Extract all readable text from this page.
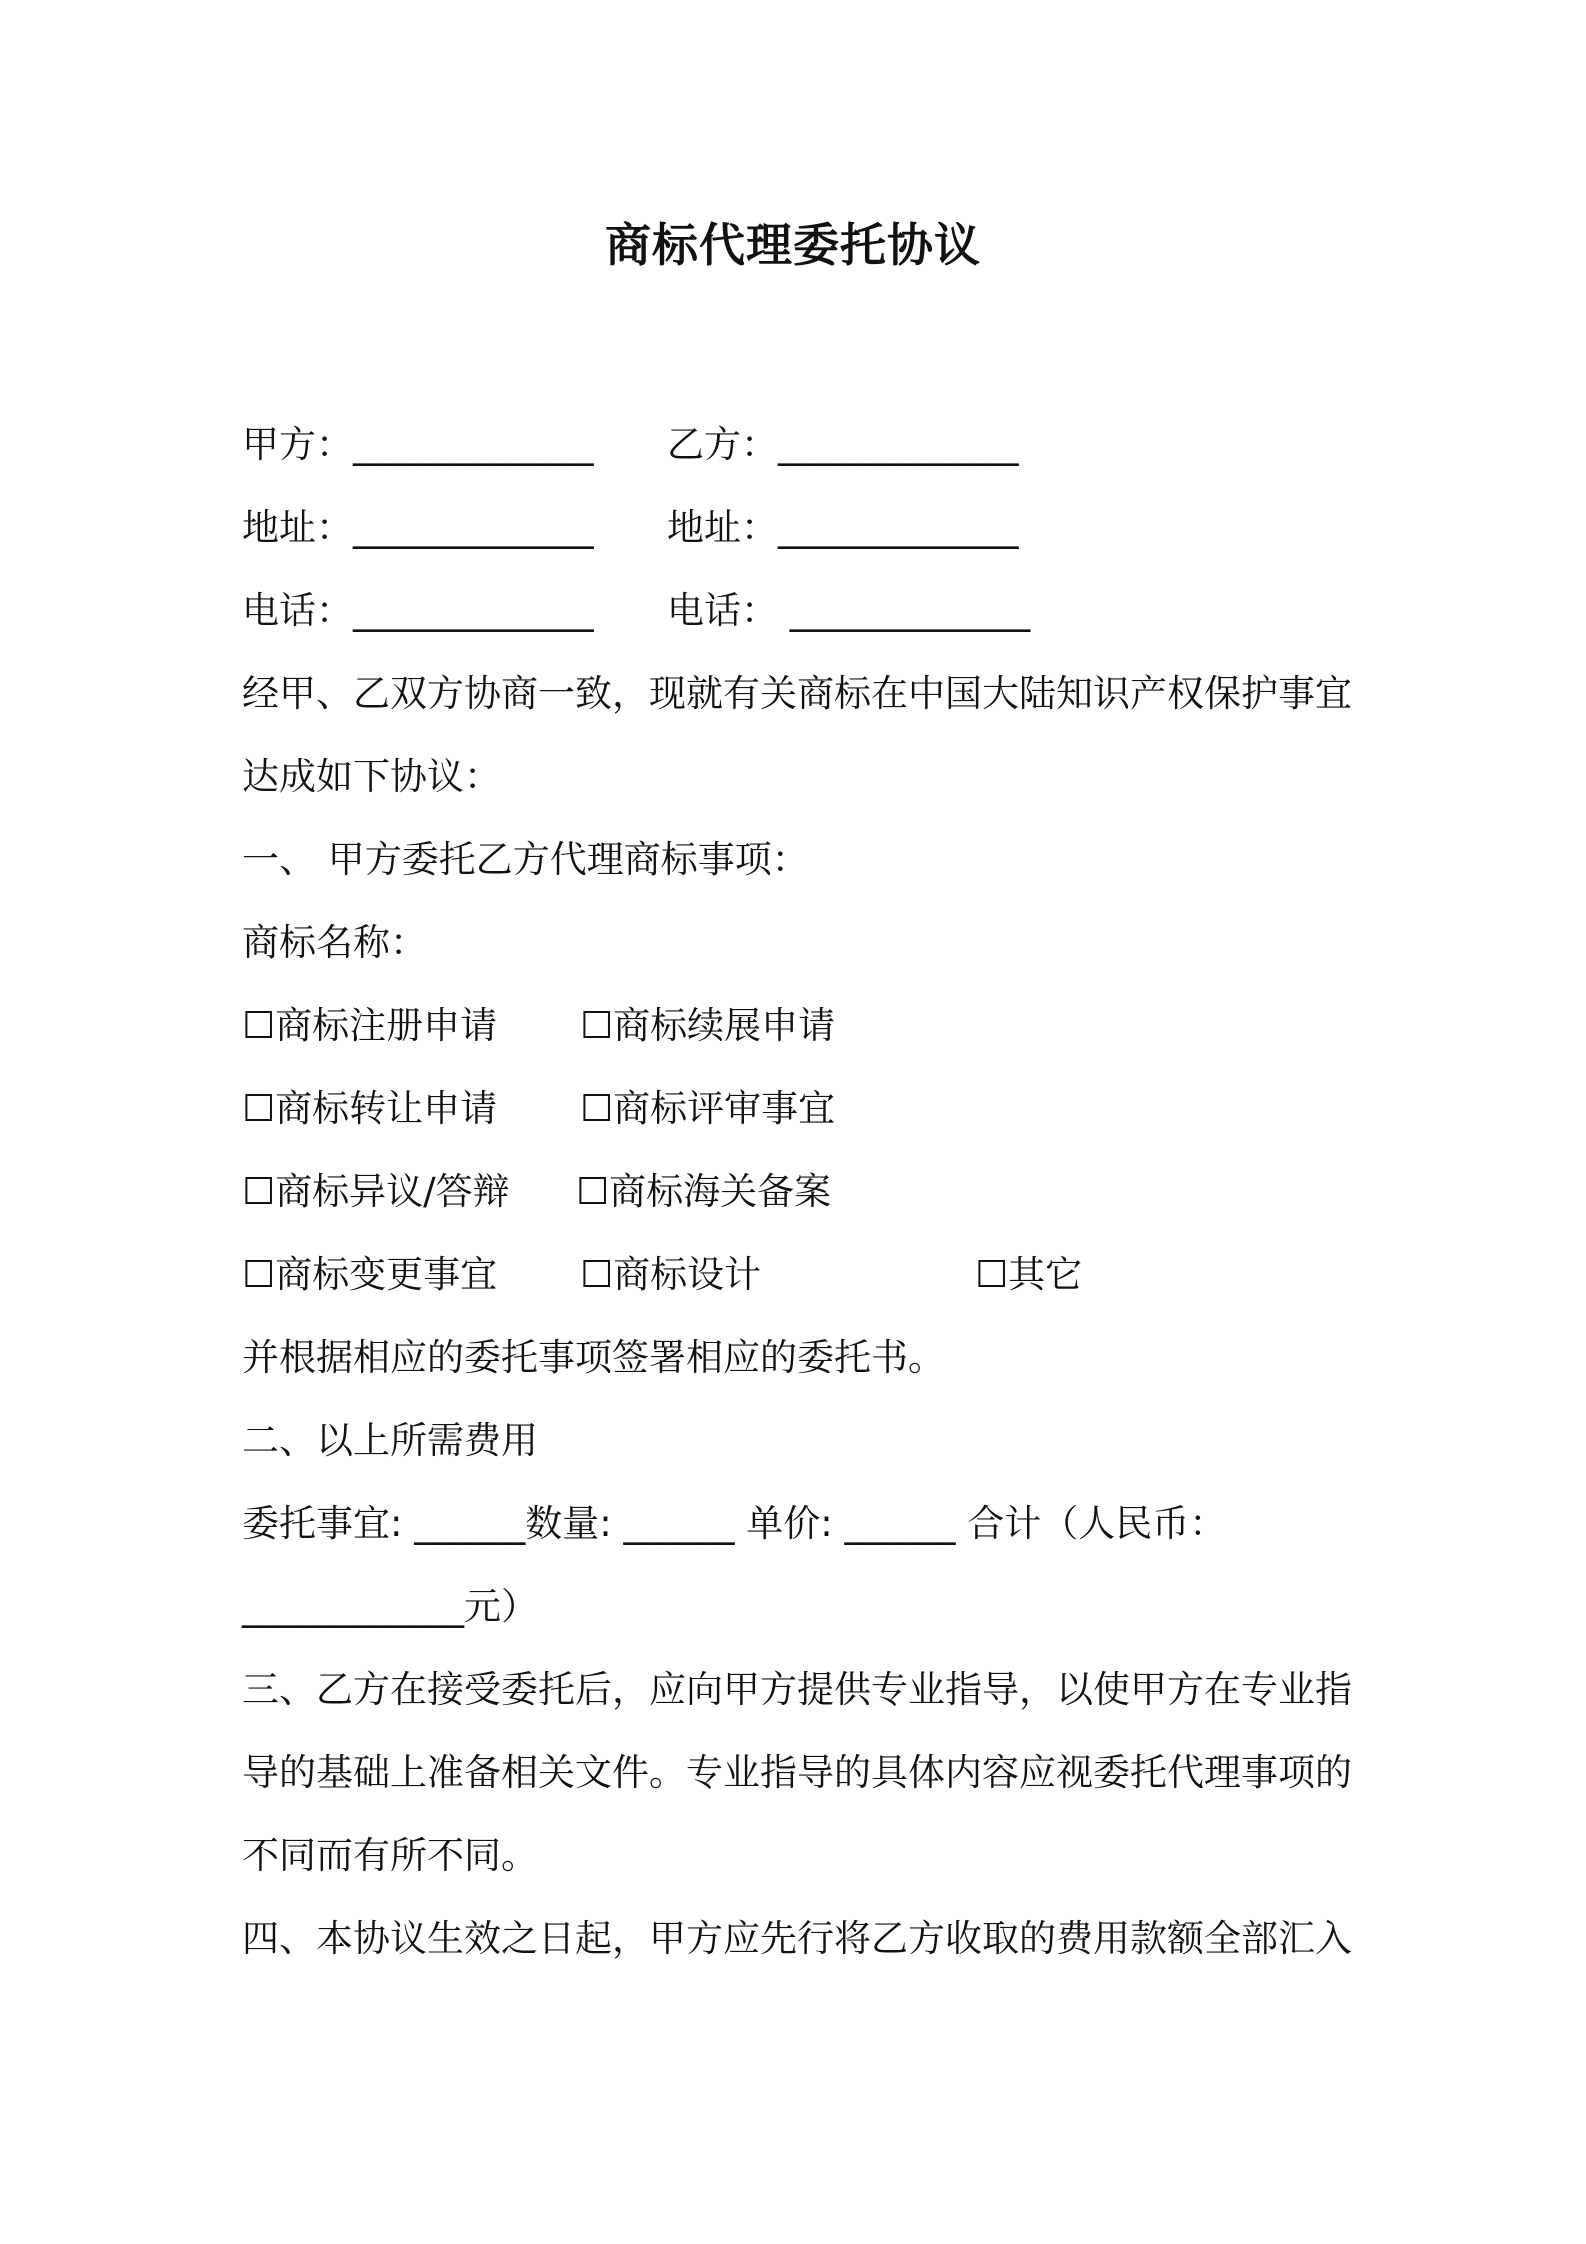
商标代理委托协议
甲方：_____________ 乙方：_____________
地址：_____________ 地址：_____________
电话：_____________ 电话： _____________
经甲、乙双方协商一致，现就有关商标在中国大陆知识产权保护事宜
达成如下协议：
一、 甲方委托乙方代理商标事项：
商标名称：
☐商标注册申请 ☐商标续展申请
☐商标转让申请 ☐商标评审事宜
☐商标异议/答辩 ☐商标海关备案
☐商标变更事宜 ☐商标设计	☐其它
并根据相应的委托事项签署相应的委托书。
二、以上所需费用
委托事宜: ______数量: ______ 单价: ______ 合计（人民币：
____________元）
三、乙方在接受委托后，应向甲方提供专业指导，以使甲方在专业指
导的基础上准备相关文件。专业指导的具体内容应视委托代理事项的
不同而有所不同。
四、本协议生效之日起，甲方应先行将乙方收取的费用款额全部汇入
